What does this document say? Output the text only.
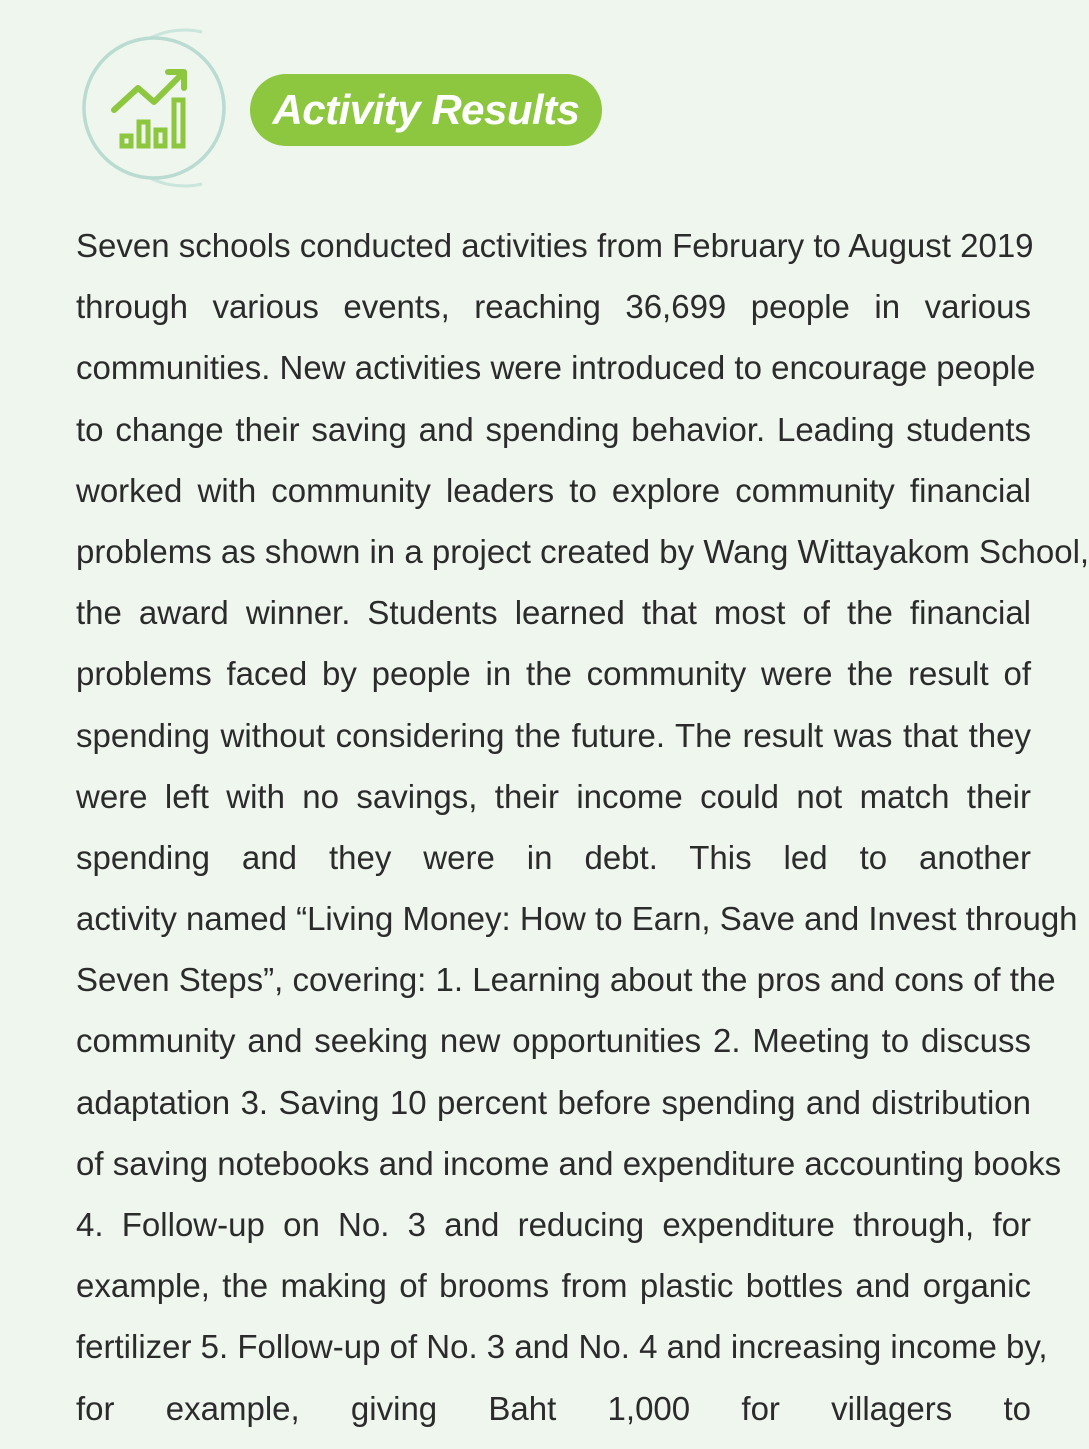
Activity Results
Seven schools conducted activities from February to August 2019
through various events, reaching 36,699 people in various
communities. New activities were introduced to encourage people
to change their saving and spending behavior. Leading students
worked with community leaders to explore community financial
problems as shown in a project created by Wang Wittayakom School,
the award winner. Students learned that most of the financial
problems faced by people in the community were the result of
spending without considering the future. The result was that they
were left with no savings, their income could not match their
spending and they were in debt. This led to another
activity named “Living Money: How to Earn, Save and Invest through
Seven Steps”, covering: 1. Learning about the pros and cons of the
community and seeking new opportunities 2. Meeting to discuss
adaptation 3. Saving 10 percent before spending and distribution
of saving notebooks and income and expenditure accounting books
4. Follow-up on No. 3 and reducing expenditure through, for
example, the making of brooms from plastic bottles and organic
fertilizer 5. Follow-up of No. 3 and No. 4 and increasing income by,
for example, giving Baht 1,000 for villagers to
